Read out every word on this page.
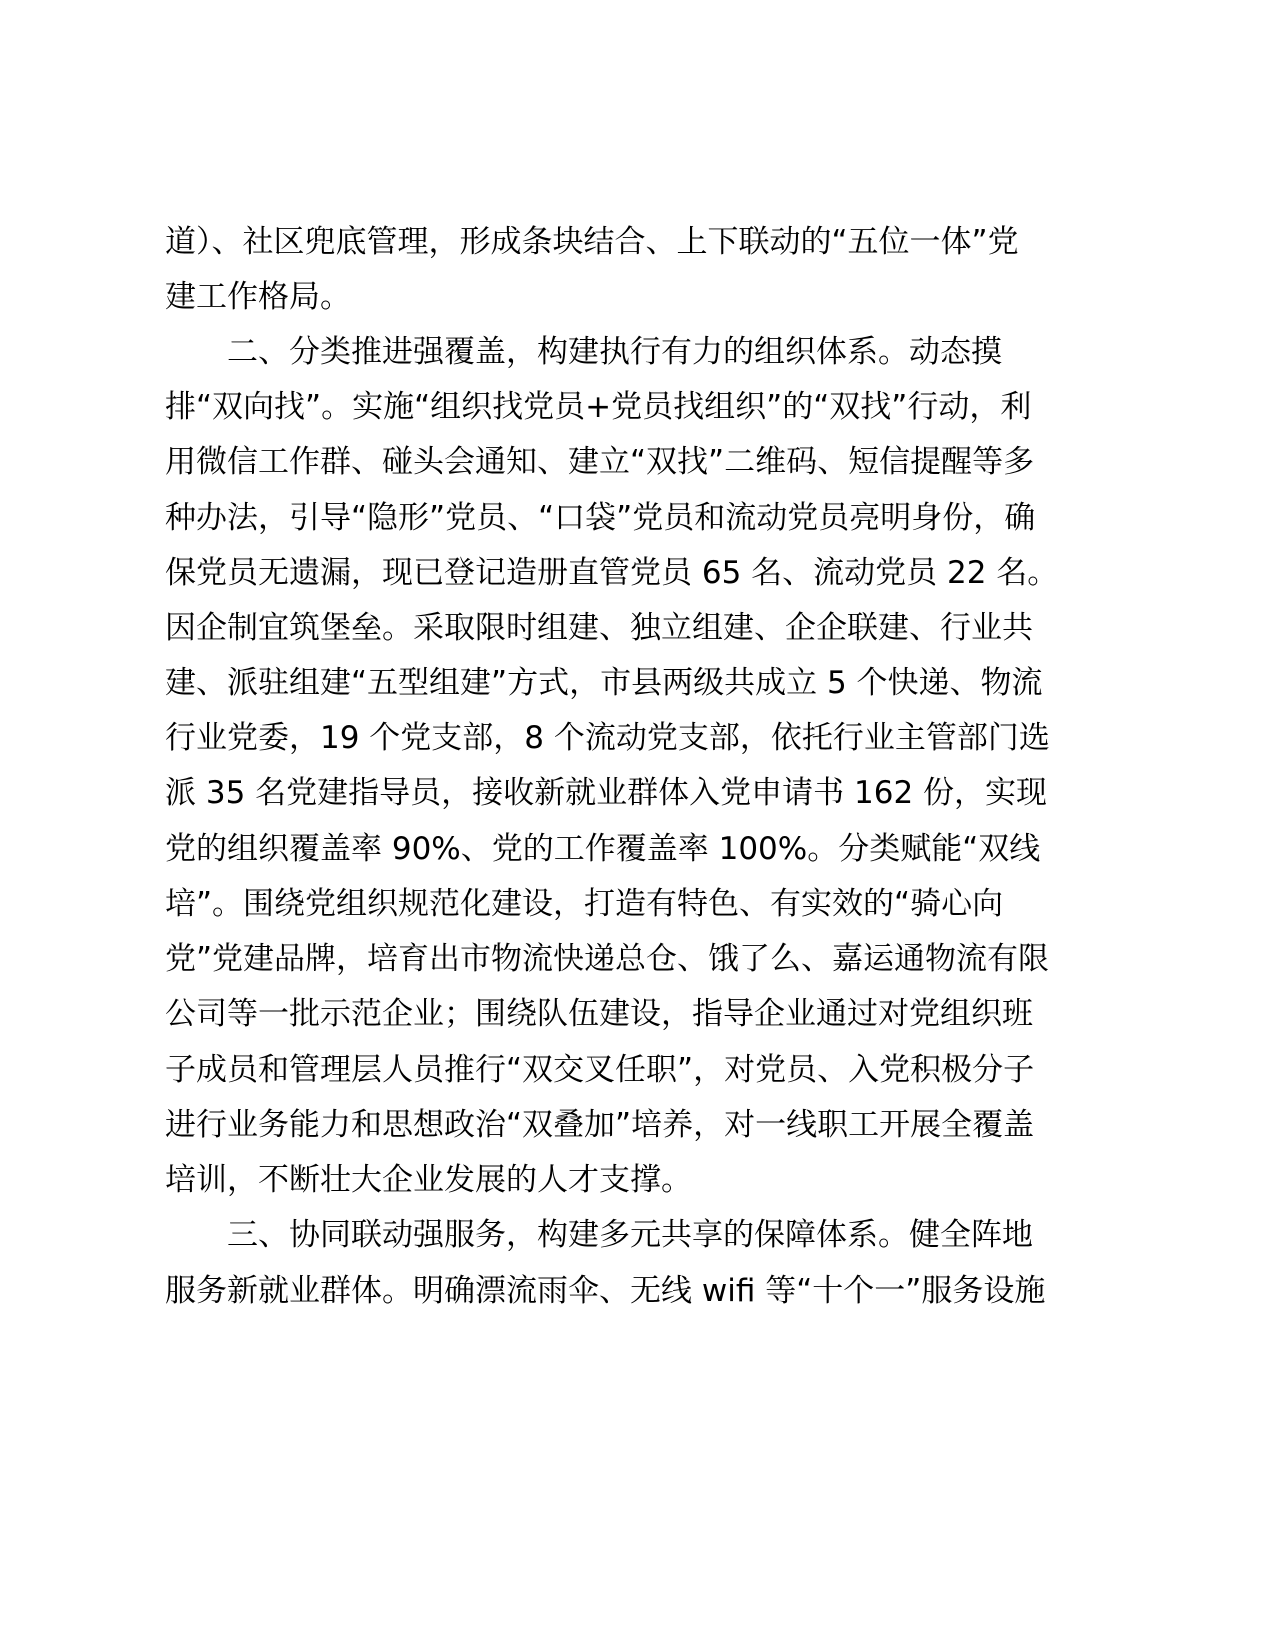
道）、社区兜底管理，形成条块结合、上下联动的“五位一体”党
建工作格局。
　　二、分类推进强覆盖，构建执行有力的组织体系。动态摸
排“双向找”。实施“组织找党员+党员找组织”的“双找”行动，利
用微信工作群、碰头会通知、建立“双找”二维码、短信提醒等多
种办法，引导“隐形”党员、“口袋”党员和流动党员亮明身份，确
保党员无遗漏，现已登记造册直管党员 65 名、流动党员 22 名。
因企制宜筑堡垒。采取限时组建、独立组建、企企联建、行业共
建、派驻组建“五型组建”方式，市县两级共成立 5 个快递、物流
行业党委，19 个党支部，8 个流动党支部，依托行业主管部门选
派 35 名党建指导员，接收新就业群体入党申请书 162 份，实现
党的组织覆盖率 90%、党的工作覆盖率 100%。分类赋能“双线
培”。围绕党组织规范化建设，打造有特色、有实效的“骑心向
党”党建品牌，培育出市物流快递总仓、饿了么、嘉运通物流有限
公司等一批示范企业；围绕队伍建设，指导企业通过对党组织班
子成员和管理层人员推行“双交叉任职”，对党员、入党积极分子
进行业务能力和思想政治“双叠加”培养，对一线职工开展全覆盖
培训，不断壮大企业发展的人才支撑。
　　三、协同联动强服务，构建多元共享的保障体系。健全阵地
服务新就业群体。明确漂流雨伞、无线 wifi 等“十个一”服务设施
